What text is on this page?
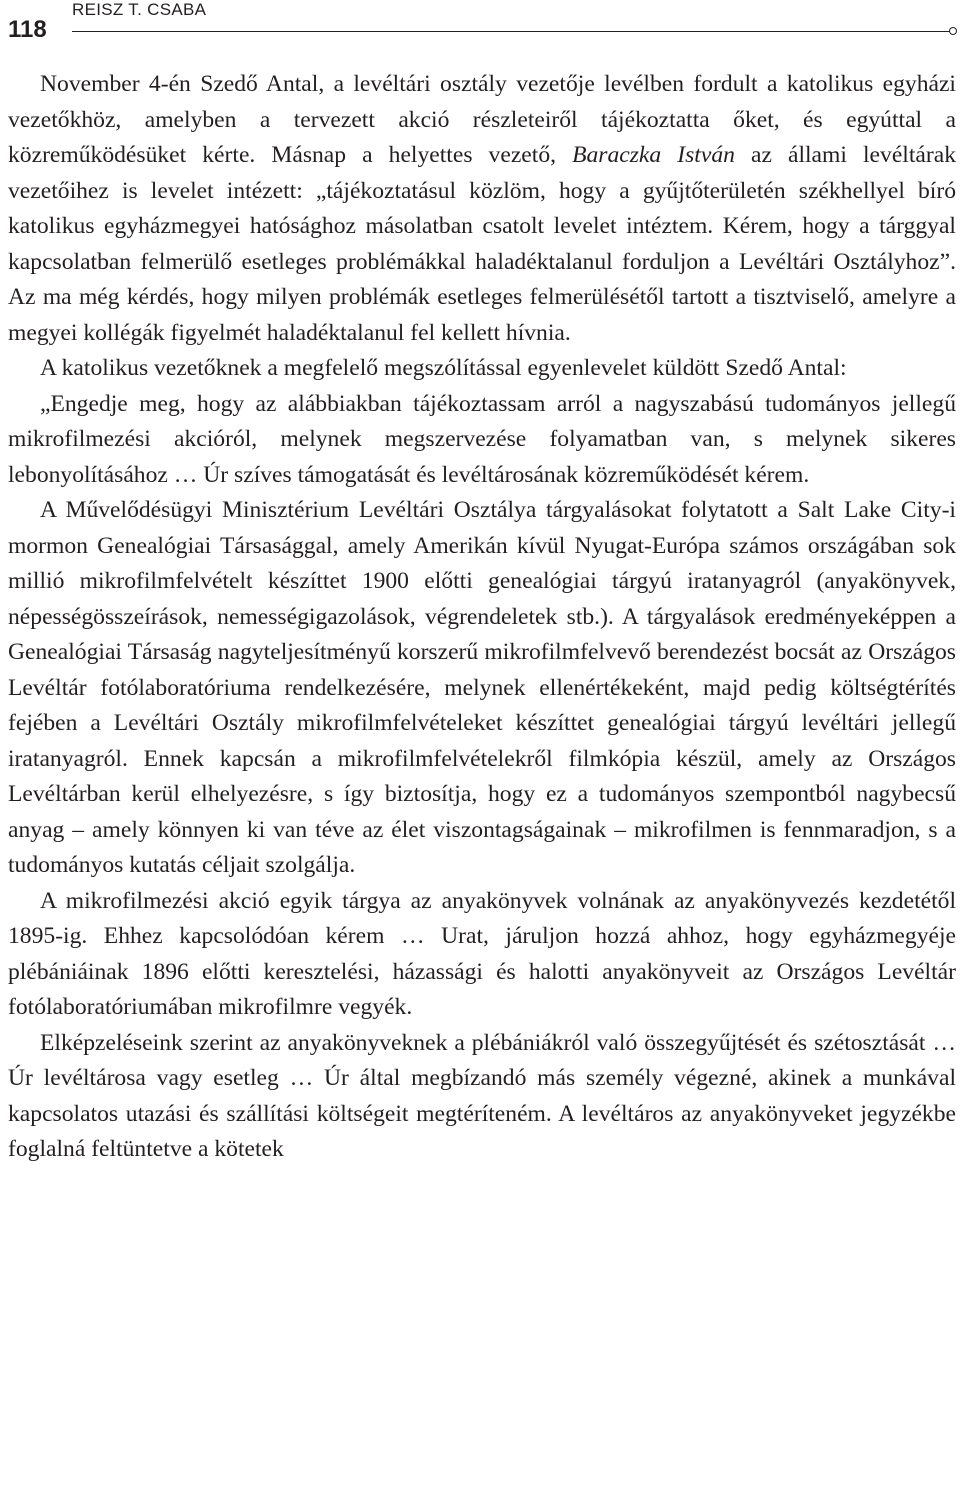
118
REISZ T. CSABA

November 4-én Szedő Antal, a levéltári osztály vezetője levélben fordult a katolikus egyházi vezetőkhöz, amelyben a tervezett akció részleteiről tájékoztatta őket, és egyúttal a közreműködésüket kérte. Másnap a helyettes vezető, Baraczka István az állami levéltárak vezetőihez is levelet intézett: „tájékoztatásul közlöm, hogy a gyűjtőterületén székhellyel bíró katolikus egyházmegyei hatósághoz másolatban csatolt levelet intéztem. Kérem, hogy a tárggyal kapcsolatban felmerülő esetleges problémákkal haladéktalanul forduljon a Levéltári Osztályhoz”. Az ma még kérdés, hogy milyen problémák esetleges felmerülésétől tartott a tisztviselő, amelyre a megyei kollégák figyelmét haladéktalanul fel kellett hívnia.

A katolikus vezetőknek a megfelelő megszólítással egyenlevelet küldött Szedő Antal:

„Engedje meg, hogy az alábbiakban tájékoztassam arról a nagyszabású tudományos jellegű mikrofilmezési akcióról, melynek megszervezése folyamatban van, s melynek sikeres lebonyolításához … Úr szíves támogatását és levéltárosának közreműködését kérem.

A Művelődésügyi Minisztérium Levéltári Osztálya tárgyalásokat folytatott a Salt Lake City-i mormon Genealógiai Társasággal, amely Amerikán kívül Nyugat-Európa számos országában sok millió mikrofilmfelvételt készíttet 1900 előtti genealógiai tárgyú iratanyagról (anyakönyvek, népességösszeírások, nemességigazolások, végrendeletek stb.). A tárgyalások eredményeképpen a Genealógiai Társaság nagyteljesítményű korszerű mikrofilmfelvevő berendezést bocsát az Országos Levéltár fotólaboratóriuma rendelkezésére, melynek ellenértékeként, majd pedig költségtérítés fejében a Levéltári Osztály mikrofilmfelvételeket készíttet genealógiai tárgyú levéltári jellegű iratanyagról. Ennek kapcsán a mikrofilmfelvételekről filmkópia készül, amely az Országos Levéltárban kerül elhelyezésre, s így biztosítja, hogy ez a tudományos szempontból nagybecsű anyag – amely könnyen ki van téve az élet viszontagságainak – mikrofilmen is fennmaradjon, s a tudományos kutatás céljait szolgálja.

A mikrofilmezési akció egyik tárgya az anyakönyvek volnának az anyakönyvezés kezdetétől 1895-ig. Ehhez kapcsolódóan kérem … Urat, járuljon hozzá ahhoz, hogy egyházmegyéje plébániáinak 1896 előtti keresztelési, házassági és halotti anyakönyveit az Országos Levéltár fotólaboratóriumában mikrofilmre vegyék.

Elképzeléseink szerint az anyakönyveknek a plébániákról való összegyűjtését és szétosztását … Úr levéltárosa vagy esetleg … Úr által megbízandó más személy végezné, akinek a munkával kapcsolatos utazási és szállítási költségeit megtéríteném. A levéltáros az anyakönyveket jegyzékbe foglalná feltüntetve a kötetek
